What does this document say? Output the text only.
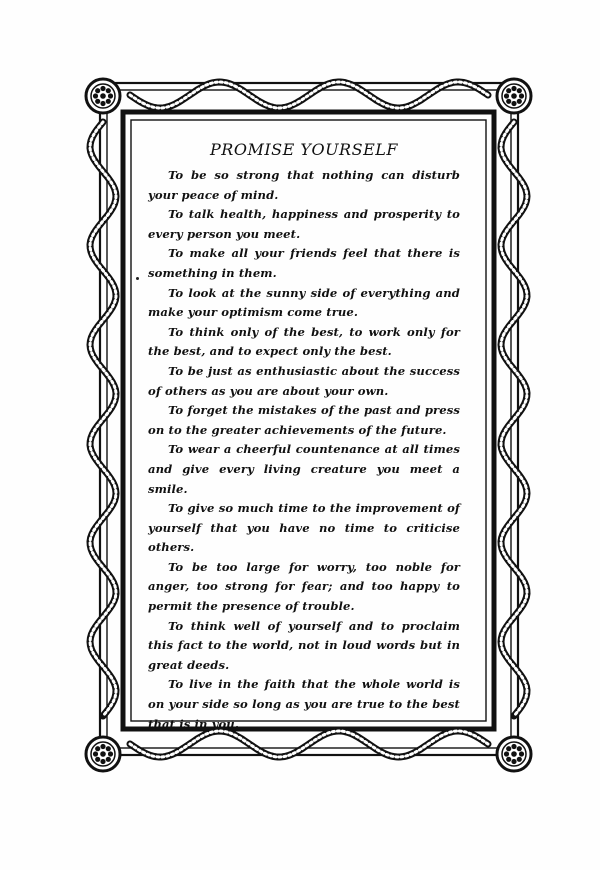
PROMISE YOURSELF

To be so strong that nothing can disturb your peace of mind.

To talk health, happiness and prosperity to every person you meet.

To make all your friends feel that there is something in them.

To look at the sunny side of everything and make your optimism come true.

To think only of the best, to work only for the best, and to expect only the best.

To be just as enthusiastic about the success of others as you are about your own.

To forget the mistakes of the past and press on to the greater achievements of the future.

To wear a cheerful countenance at all times and give every living creature you meet a smile.

To give so much time to the improvement of yourself that you have no time to criticise others.

To be too large for worry, too noble for anger, too strong for fear; and too happy to permit the presence of trouble.

To think well of yourself and to proclaim this fact to the world, not in loud words but in great deeds.

To live in the faith that the whole world is on your side so long as you are true to the best that is in you.
